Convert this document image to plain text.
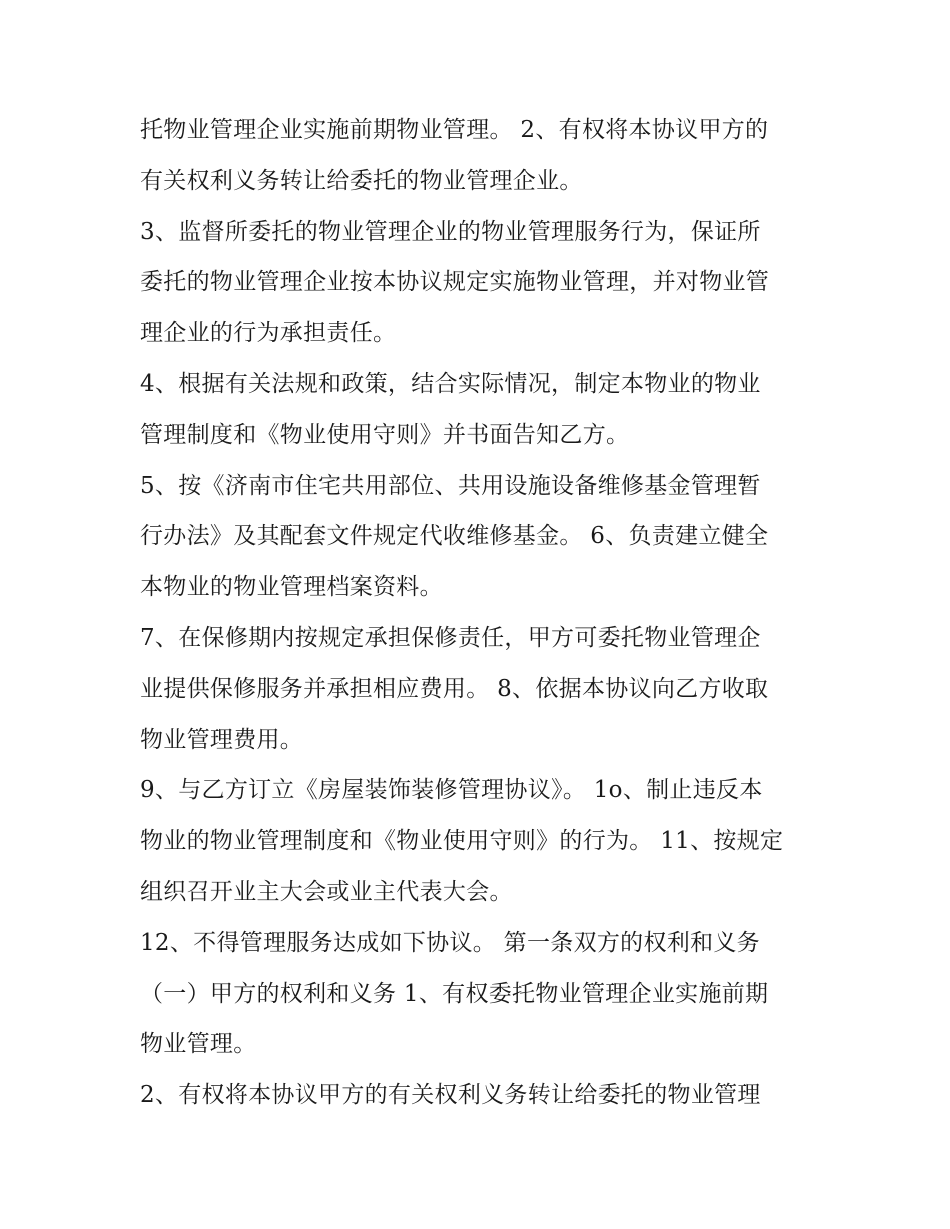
托物业管理企业实施前期物业管理。 2、有权将本协议甲方的
有关权利义务转让给委托的物业管理企业。
3、监督所委托的物业管理企业的物业管理服务行为，保证所
委托的物业管理企业按本协议规定实施物业管理，并对物业管
理企业的行为承担责任。
4、根据有关法规和政策，结合实际情况，制定本物业的物业
管理制度和《物业使用守则》并书面告知乙方。
5、按《济南市住宅共用部位、共用设施设备维修基金管理暂
行办法》及其配套文件规定代收维修基金。 6、负责建立健全
本物业的物业管理档案资料。
7、在保修期内按规定承担保修责任，甲方可委托物业管理企
业提供保修服务并承担相应费用。 8、依据本协议向乙方收取
物业管理费用。
9、与乙方订立《房屋装饰装修管理协议》。 1o、制止违反本
物业的物业管理制度和《物业使用守则》的行为。 11、按规定
组织召开业主大会或业主代表大会。
12、不得管理服务达成如下协议。 第一条双方的权利和义务
（一）甲方的权利和义务 1、有权委托物业管理企业实施前期
物业管理。
2、有权将本协议甲方的有关权利义务转让给委托的物业管理
